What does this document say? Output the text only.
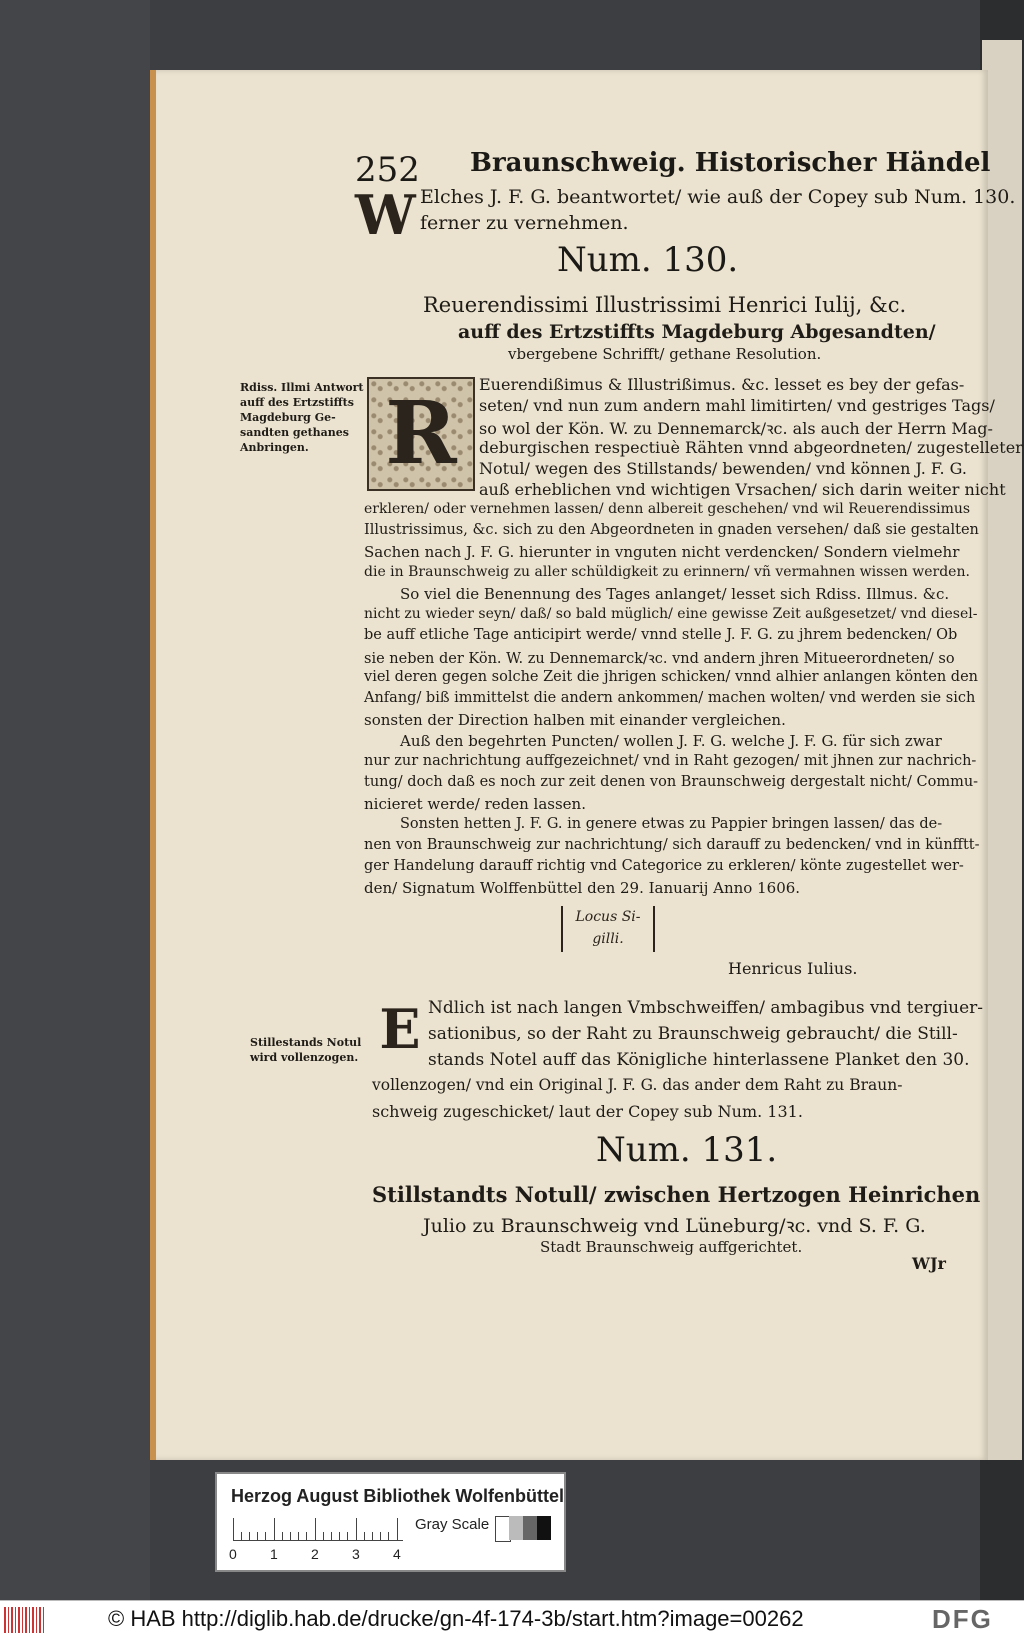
252 Braunschweig. Historischer Händel
W Elches J. F. G. beantwortet/ wie auß der Copey sub Num. 130.
ferner zu vernehmen.
Num. 130.
Reuerendissimi Illustrissimi Henrici Iulij, &c.
auff des Ertzstiffts Magdeburg Abgesandten/
vbergebene Schrifft/ gethane Resolution.
Rdiss. Illmi Antwort
auff des Ertzstiffts
Magdeburg Ge-
sandten gethanes
Anbringen. R	Euerendißimus & Illustrißimus. &c. lesset es bey der gefas-
seten/ vnd nun zum andern mahl limitirten/ vnd gestriges Tags/
so wol der Kön. W. zu Dennemarck/ꝛc. als auch der Herrn Mag-
deburgischen respectiuè Rähten vnnd abgeordneten/ zugestelleter
Notul/ wegen des Stillstands/ bewenden/ vnd können J. F. G.
auß erheblichen vnd wichtigen Vrsachen/ sich darin weiter nicht
erkleren/ oder vernehmen lassen/ denn albereit geschehen/ vnd wil Reuerendissimus
Illustrissimus, &c. sich zu den Abgeordneten in gnaden versehen/ daß sie gestalten
Sachen nach J. F. G. hierunter in vnguten nicht verdencken/ Sondern vielmehr
die in Braunschweig zu aller schüldigkeit zu erinnern/ vñ vermahnen wissen werden.
So viel die Benennung des Tages anlanget/ lesset sich Rdiss. Illmus. &c.
nicht zu wieder seyn/ daß/ so bald müglich/ eine gewisse Zeit außgesetzet/ vnd diesel-
be auff etliche Tage anticipirt werde/ vnnd stelle J. F. G. zu jhrem bedencken/ Ob
sie neben der Kön. W. zu Dennemarck/ꝛc. vnd andern jhren Mitueerordneten/ so
viel deren gegen solche Zeit die jhrigen schicken/ vnnd alhier anlangen könten den
Anfang/ biß immittelst die andern ankommen/ machen wolten/ vnd werden sie sich
sonsten der Direction halben mit einander vergleichen.
Auß den begehrten Puncten/ wollen J. F. G. welche J. F. G. für sich zwar
nur zur nachrichtung auffgezeichnet/ vnd in Raht gezogen/ mit jhnen zur nachrich-
tung/ doch daß es noch zur zeit denen von Braunschweig dergestalt nicht/ Commu-
nicieret werde/ reden lassen.
Sonsten hetten J. F. G. in genere etwas zu Pappier bringen lassen/ das de-
nen von Braunschweig zur nachrichtung/ sich darauff zu bedencken/ vnd in künfftt-
ger Handelung darauff richtig vnd Categorice zu erkleren/ könte zugestellet wer-
den/ Signatum Wolffenbüttel den 29. Ianuarij Anno 1606.
Locus Si-
gilli.
Henricus Iulius.
Stillestands Notul
wird vollenzogen. E Ndlich ist nach langen Vmbschweiffen/ ambagibus vnd tergiuer-
sationibus, so der Raht zu Braunschweig gebraucht/ die Still-
stands Notel auff das Königliche hinterlassene Planket den 30.
vollenzogen/ vnd ein Original J. F. G. das ander dem Raht zu Braun-
schweig zugeschicket/ laut der Copey sub Num. 131.
Num. 131.
Stillstandts Notull/ zwischen Hertzogen Heinrichen
Julio zu Braunschweig vnd Lüneburg/ꝛc. vnd S. F. G.
Stadt Braunschweig auffgerichtet.
WJr
Herzog August Bibliothek Wolfenbüttel
0 1 2 3 4
Gray Scale
© HAB http://diglib.hab.de/drucke/gn-4f-174-3b/start.htm?image=00262	DFG
